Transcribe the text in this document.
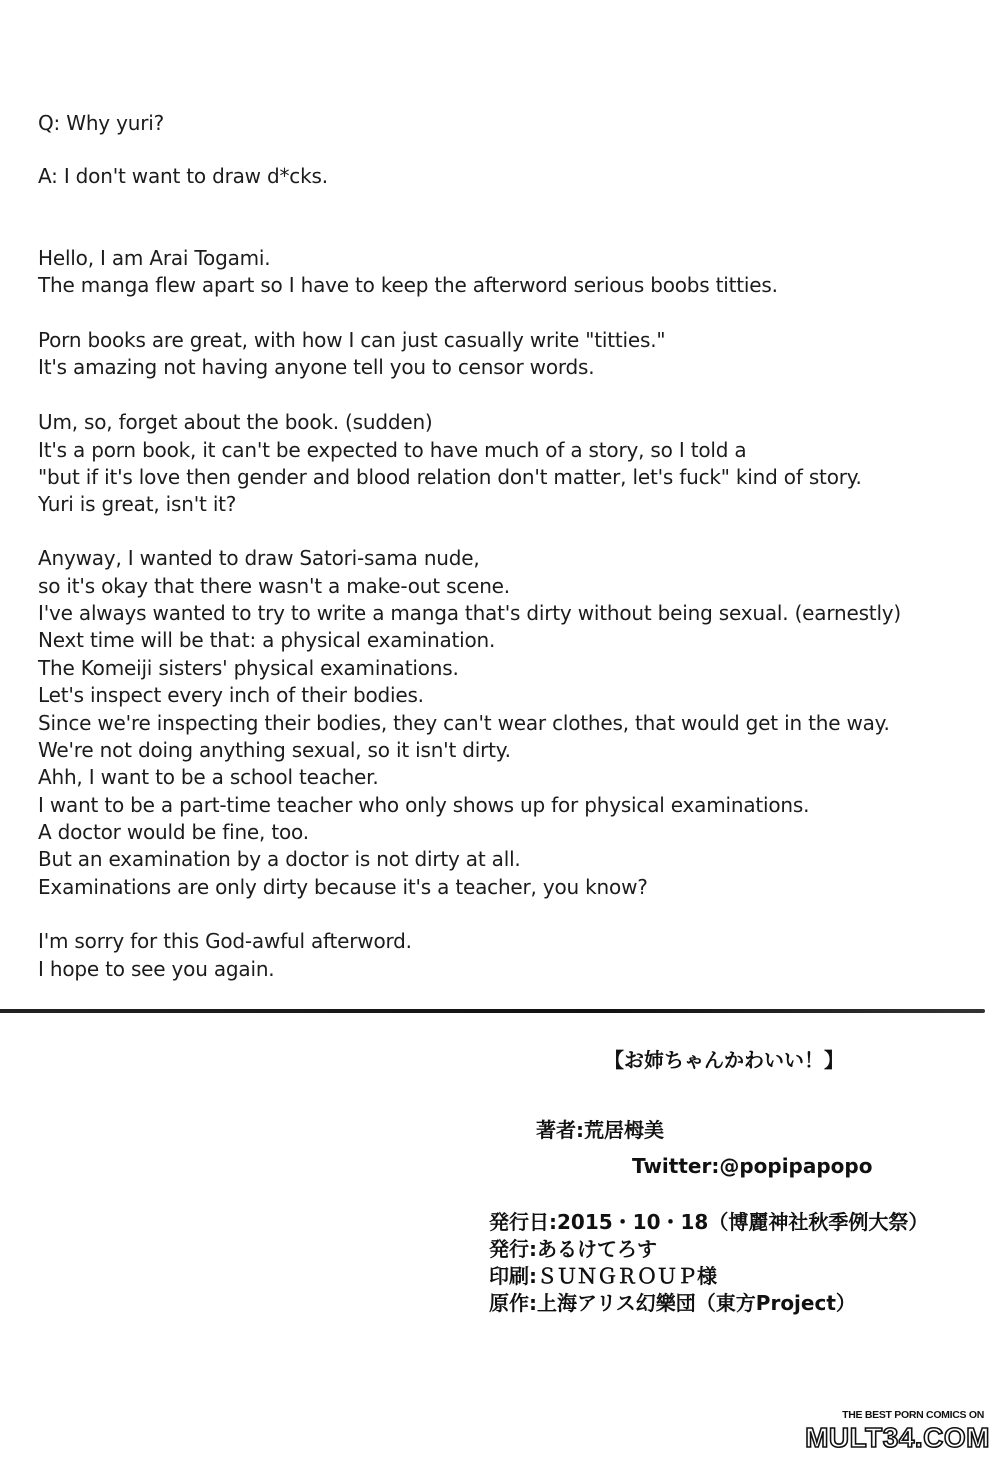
Q: Why yuri?
A: I don't want to draw d*cks.
Hello, I am Arai Togami.
The manga flew apart so I have to keep the afterword serious boobs titties.
Porn books are great, with how I can just casually write "titties."
It's amazing not having anyone tell you to censor words.
Um, so, forget about the book. (sudden)
It's a porn book, it can't be expected to have much of a story, so I told a
"but if it's love then gender and blood relation don't matter, let's fuck" kind of story.
Yuri is great, isn't it?
Anyway, I wanted to draw Satori-sama nude,
so it's okay that there wasn't a make-out scene.
I've always wanted to try to write a manga that's dirty without being sexual. (earnestly)
Next time will be that: a physical examination.
The Komeiji sisters' physical examinations.
Let's inspect every inch of their bodies.
Since we're inspecting their bodies, they can't wear clothes, that would get in the way.
We're not doing anything sexual, so it isn't dirty.
Ahh, I want to be a school teacher.
I want to be a part-time teacher who only shows up for physical examinations.
A doctor would be fine, too.
But an examination by a doctor is not dirty at all.
Examinations are only dirty because it's a teacher, you know?
I'm sorry for this God-awful afterword.
I hope to see you again.
【お姉ちゃんかわいい！】
著者:荒居栂美
Twitter:@popipapopo
発行日:2015・10・18（博麗神社秋季例大祭）
発行:あるけてろす
印刷:ＳＵＮＧＲＯＵＰ様
原作:上海アリス幻樂団（東方Project）
THE BEST PORN COMICS ON
MULT34.COM
